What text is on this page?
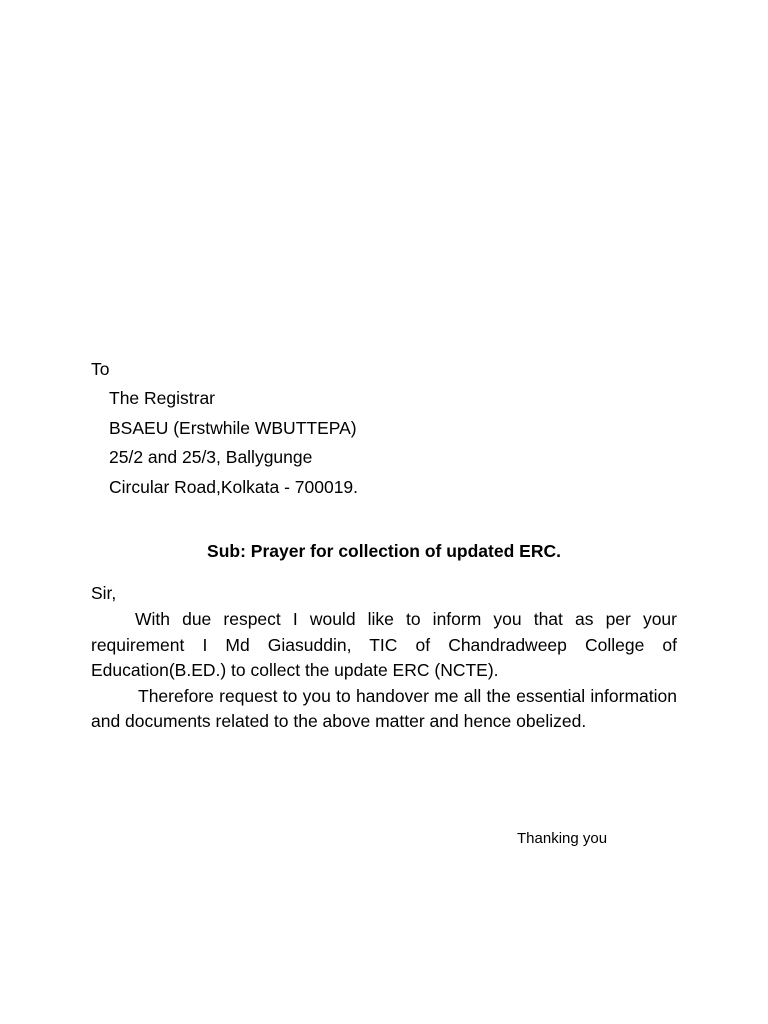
To
The Registrar
BSAEU (Erstwhile WBUTTEPA)
25/2 and 25/3, Ballygunge
Circular Road,Kolkata - 700019.
Sub: Prayer for collection of updated ERC.
Sir,

With due respect I would like to inform you that as per your requirement I Md Giasuddin, TIC of Chandradweep College of Education(B.ED.) to collect the update ERC (NCTE).

Therefore request to you to handover me all the essential information and documents related to the above matter and hence obelized.

Thanking you
